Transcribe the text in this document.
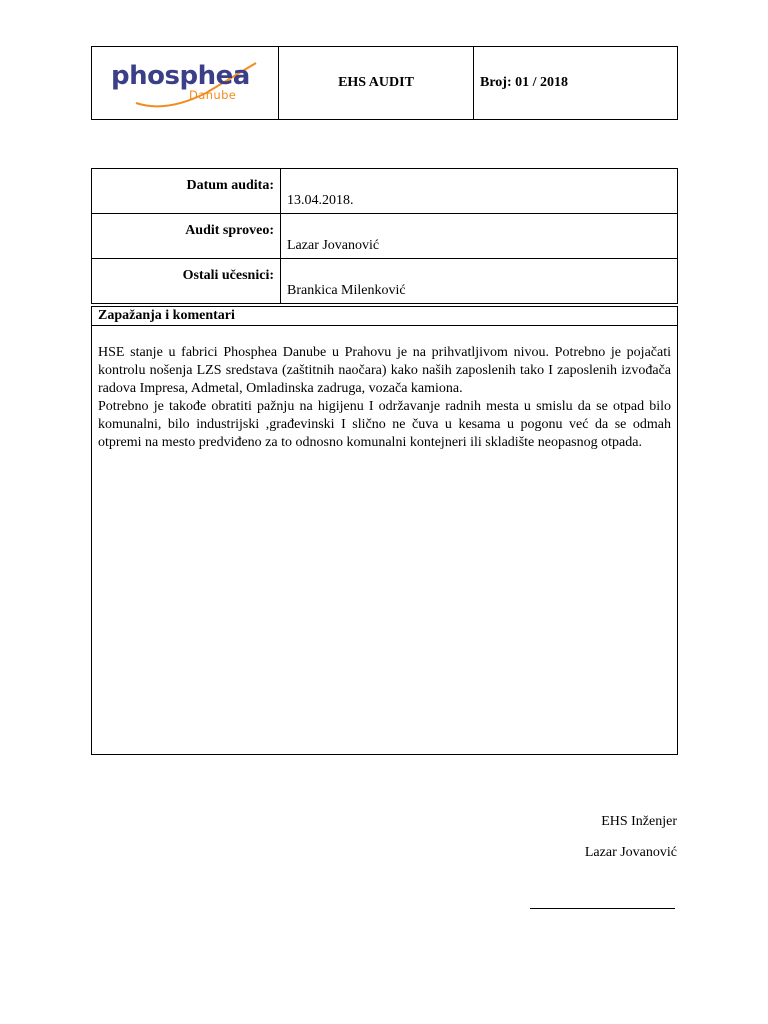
phosphea
Danube
	EHS AUDIT	Broj: 01 / 2018
Datum audita:	13.04.2018.
Audit sproveo:	Lazar Jovanović
Ostali učesnici:	Brankica Milenković
Zapažanja i komentari

HSE stanje u fabrici Phosphea Danube u Prahovu je na prihvatljivom nivou. Potrebno je pojačati kontrolu nošenja LZS sredstava (zaštitnih naočara) kako naših zaposlenih tako I zaposlenih izvođača radova Impresa, Admetal, Omladinska zadruga, vozača kamiona.

Potrebno je takođe obratiti pažnju na higijenu I održavanje radnih mesta u smislu da se otpad bilo komunalni, bilo industrijski ,građevinski I slično ne čuva u kesama u pogonu već da se odmah otpremi na mesto predviđeno za to odnosno komunalni kontejneri ili skladište neopasnog otpada.

EHS Inženjer
Lazar Jovanović
